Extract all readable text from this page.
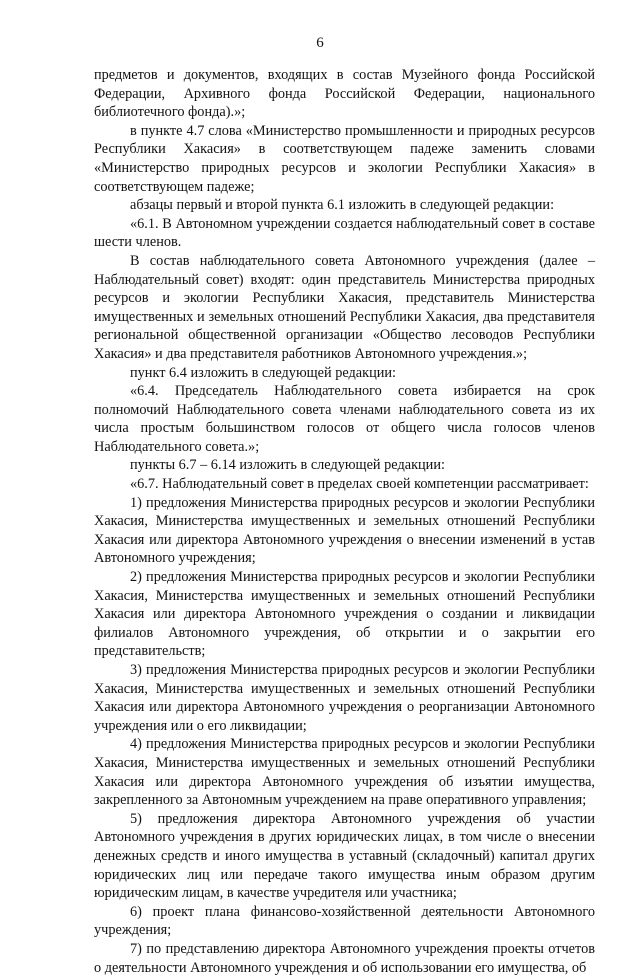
6

предметов и документов, входящих в состав Музейного фонда Российской Федерации, Архивного фонда Российской Федерации, национального библиотечного фонда).»;

в пункте 4.7 слова «Министерство промышленности и природных ресурсов Республики Хакасия» в соответствующем падеже заменить словами «Министерство природных ресурсов и экологии Республики Хакасия» в соответствующем падеже;

абзацы первый и второй пункта 6.1 изложить в следующей редакции:

«6.1. В Автономном учреждении создается наблюдательный совет в составе шести членов.

В состав наблюдательного совета Автономного учреждения (далее – Наблюдательный совет) входят: один представитель Министерства природных ресурсов и экологии Республики Хакасия, представитель Министерства имущественных и земельных отношений Республики Хакасия, два представителя региональной общественной организации «Общество лесоводов Республики Хакасия» и два представителя работников Автономного учреждения.»;

пункт 6.4 изложить в следующей редакции:

«6.4. Председатель Наблюдательного совета избирается на срок полномочий Наблюдательного совета членами наблюдательного совета из их числа простым большинством голосов от общего числа голосов членов Наблюдательного совета.»;

пункты 6.7 – 6.14 изложить в следующей редакции:

«6.7. Наблюдательный совет в пределах своей компетенции рассматривает:

1) предложения Министерства природных ресурсов и экологии Республики Хакасия, Министерства имущественных и земельных отношений Республики Хакасия или директора Автономного учреждения о внесении изменений в устав Автономного учреждения;

2) предложения Министерства природных ресурсов и экологии Республики Хакасия, Министерства имущественных и земельных отношений Республики Хакасия или директора Автономного учреждения о создании и ликвидации филиалов Автономного учреждения, об открытии и о закрытии его представительств;

3) предложения Министерства природных ресурсов и экологии Республики Хакасия, Министерства имущественных и земельных отношений Республики Хакасия или директора Автономного учреждения о реорганизации Автономного учреждения или о его ликвидации;

4) предложения Министерства природных ресурсов и экологии Республики Хакасия, Министерства имущественных и земельных отношений Республики Хакасия или директора Автономного учреждения об изъятии имущества, закрепленного за Автономным учреждением на праве оперативного управления;

5) предложения директора Автономного учреждения об участии Автономного учреждения в других юридических лицах, в том числе о внесении денежных средств и иного имущества в уставный (складочный) капитал других юридических лиц или передаче такого имущества иным образом другим юридическим лицам, в качестве учредителя или участника;

6) проект плана финансово-хозяйственной деятельности Автономного учреждения;

7) по представлению директора Автономного учреждения проекты отчетов о деятельности Автономного учреждения и об использовании его имущества, об
